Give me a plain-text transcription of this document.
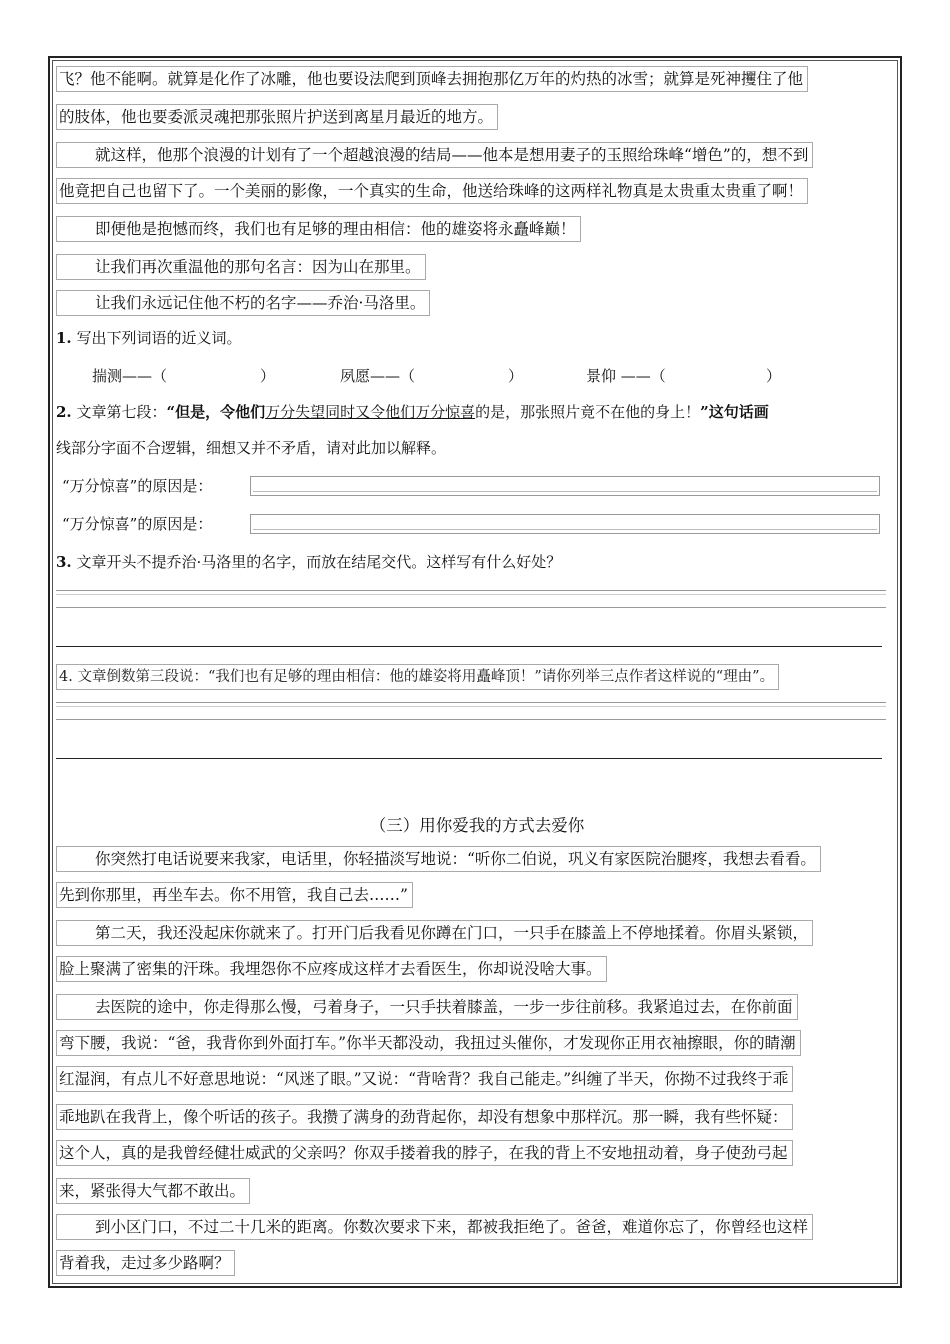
飞？他不能啊。就算是化作了冰雕，他也要设法爬到顶峰去拥抱那亿万年的灼热的冰雪；就算是死神攫住了他
的肢体，他也要委派灵魂把那张照片护送到离星月最近的地方。
就这样，他那个浪漫的计划有了一个超越浪漫的结局——他本是想用妻子的玉照给珠峰“增色”的，想不到
他竟把自己也留下了。一个美丽的影像，一个真实的生命，他送给珠峰的这两样礼物真是太贵重太贵重了啊！
即便他是抱憾而终，我们也有足够的理由相信：他的雄姿将永矗峰巅！
让我们再次重温他的那句名言：因为山在那里。
让我们永远记住他不朽的名字——乔治·马洛里。
1. 写出下列词语的近义词。
揣测——（	）	夙愿——（	）	景仰 ——（	）
2. 文章第七段：“但是，令他们万分失望同时又令他们万分惊喜的是，那张照片竟不在他的身上！”这句话画
线部分字面不合逻辑，细想又并不矛盾，请对此加以解释。
“万分惊喜”的原因是：
“万分惊喜”的原因是：
3. 文章开头不提乔治·马洛里的名字，而放在结尾交代。这样写有什么好处？
4. 文章倒数第三段说：“我们也有足够的理由相信：他的雄姿将用矗峰顶！”请你列举三点作者这样说的“理由”。
（三）用你爱我的方式去爱你
你突然打电话说要来我家，电话里，你轻描淡写地说：“听你二伯说，巩义有家医院治腿疼，我想去看看。
先到你那里，再坐车去。你不用管，我自己去……”
第二天，我还没起床你就来了。打开门后我看见你蹲在门口，一只手在膝盖上不停地揉着。你眉头紧锁，
脸上聚满了密集的汗珠。我埋怨你不应疼成这样才去看医生，你却说没啥大事。
去医院的途中，你走得那么慢，弓着身子，一只手扶着膝盖，一步一步往前移。我紧追过去，在你前面
弯下腰，我说：“爸，我背你到外面打车。”你半天都没动，我扭过头催你，才发现你正用衣袖擦眼，你的睛潮
红湿润，有点儿不好意思地说：“风迷了眼。”又说：“背啥背？我自己能走。”纠缠了半天，你拗不过我终于乖
乖地趴在我背上，像个听话的孩子。我攒了满身的劲背起你，却没有想象中那样沉。那一瞬，我有些怀疑：
这个人，真的是我曾经健壮威武的父亲吗？你双手搂着我的脖子，在我的背上不安地扭动着，身子使劲弓起
来，紧张得大气都不敢出。
到小区门口，不过二十几米的距离。你数次要求下来，都被我拒绝了。爸爸，难道你忘了，你曾经也这样
背着我，走过多少路啊？
